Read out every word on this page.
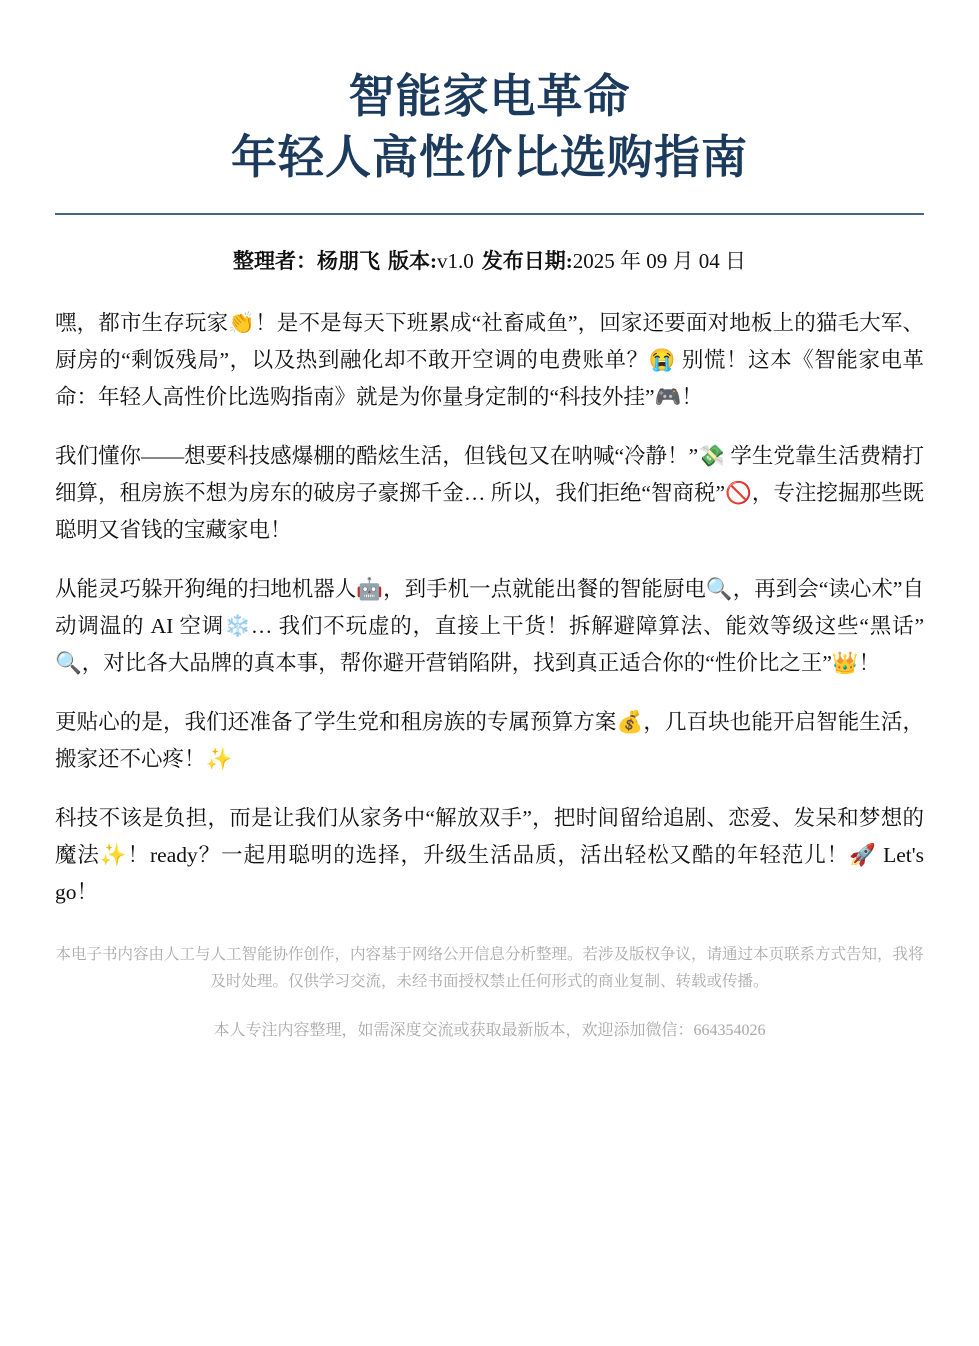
智能家电革命
年轻人高性价比选购指南
整理者：杨朋飞 版本:v1.0 发布日期:2025 年 09 月 04 日

嘿，都市生存玩家👏！是不是每天下班累成“社畜咸鱼”，回家还要面对地板上的猫毛大军、厨房的“剩饭残局”，以及热到融化却不敢开空调的电费账单？😭 别慌！这本《智能家电革命：年轻人高性价比选购指南》就是为你量身定制的“科技外挂”🎮！

我们懂你——想要科技感爆棚的酷炫生活，但钱包又在呐喊“冷静！”💸 学生党靠生活费精打细算，租房族不想为房东的破房子豪掷千金… 所以，我们拒绝“智商税”🚫，专注挖掘那些既聪明又省钱的宝藏家电！

从能灵巧躲开狗绳的扫地机器人🤖，到手机一点就能出餐的智能厨电🔍，再到会“读心术”自动调温的 AI 空调❄️… 我们不玩虚的，直接上干货！拆解避障算法、能效等级这些“黑话”🔍，对比各大品牌的真本事，帮你避开营销陷阱，找到真正适合你的“性价比之王”👑！

更贴心的是，我们还准备了学生党和租房族的专属预算方案💰，几百块也能开启智能生活，搬家还不心疼！✨

科技不该是负担，而是让我们从家务中“解放双手”，把时间留给追剧、恋爱、发呆和梦想的魔法✨！ready？一起用聪明的选择，升级生活品质，活出轻松又酷的年轻范儿！🚀 Let's go！

本电子书内容由人工与人工智能协作创作，内容基于网络公开信息分析整理。若涉及版权争议，请通过本页联系方式告知，我将及时处理。仅供学习交流，未经书面授权禁止任何形式的商业复制、转载或传播。

本人专注内容整理，如需深度交流或获取最新版本，欢迎添加微信：664354026
